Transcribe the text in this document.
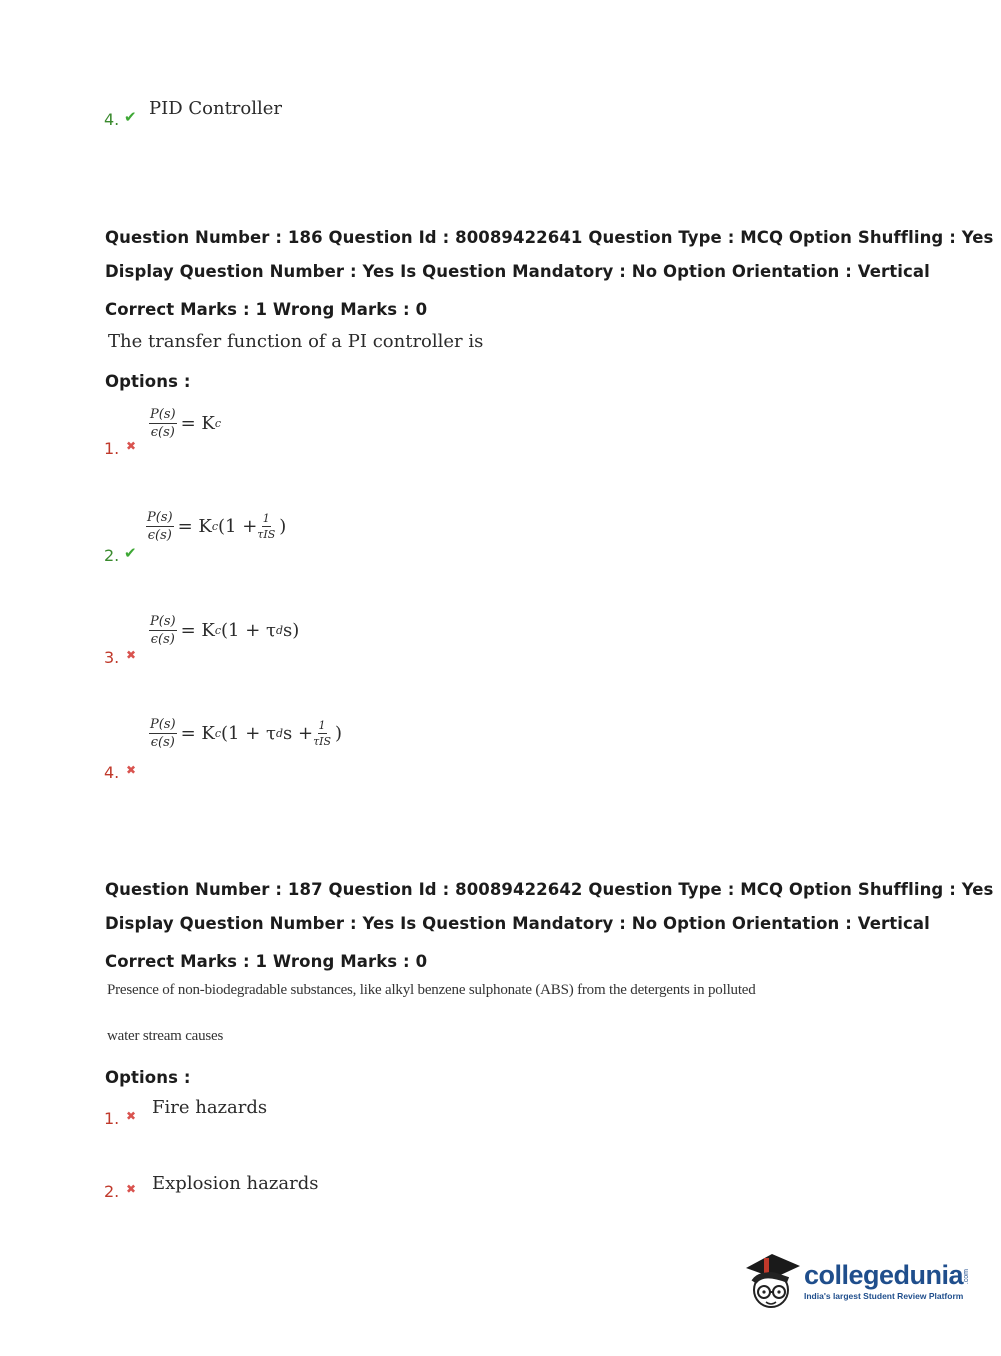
4. ✔ PID Controller
Question Number : 186 Question Id : 80089422641 Question Type : MCQ Option Shuffling : Yes
Display Question Number : Yes Is Question Mandatory : No Option Orientation : Vertical
Correct Marks : 1 Wrong Marks : 0
The transfer function of a PI controller is
Options :
1. ✖
$\frac{P(s)}{\epsilon(s)} = K$ c
2. ✔
$\frac{P(s)}{\epsilon(s)} = K$ c ($1 + \frac{1}{\text{τIS}}$ )
3. ✖
$\frac{P(s)}{\epsilon(s)} = K$ c (1 + τ d s)
4. ✖
$\frac{P(s)}{\epsilon(s)} = K$ c (1 + τ d $s + \frac{1}{\text{τIS}}$ )
Question Number : 187 Question Id : 80089422642 Question Type : MCQ Option Shuffling : Yes
Display Question Number : Yes Is Question Mandatory : No Option Orientation : Vertical
Correct Marks : 1 Wrong Marks : 0
Presence of non-biodegradable substances, like alkyl benzene sulphonate (ABS) from the detergents in polluted
water stream causes
Options :
1. ✖ Fire hazards
2. ✖ Explosion hazards
collegedunia .com
India's largest Student Review Platform
